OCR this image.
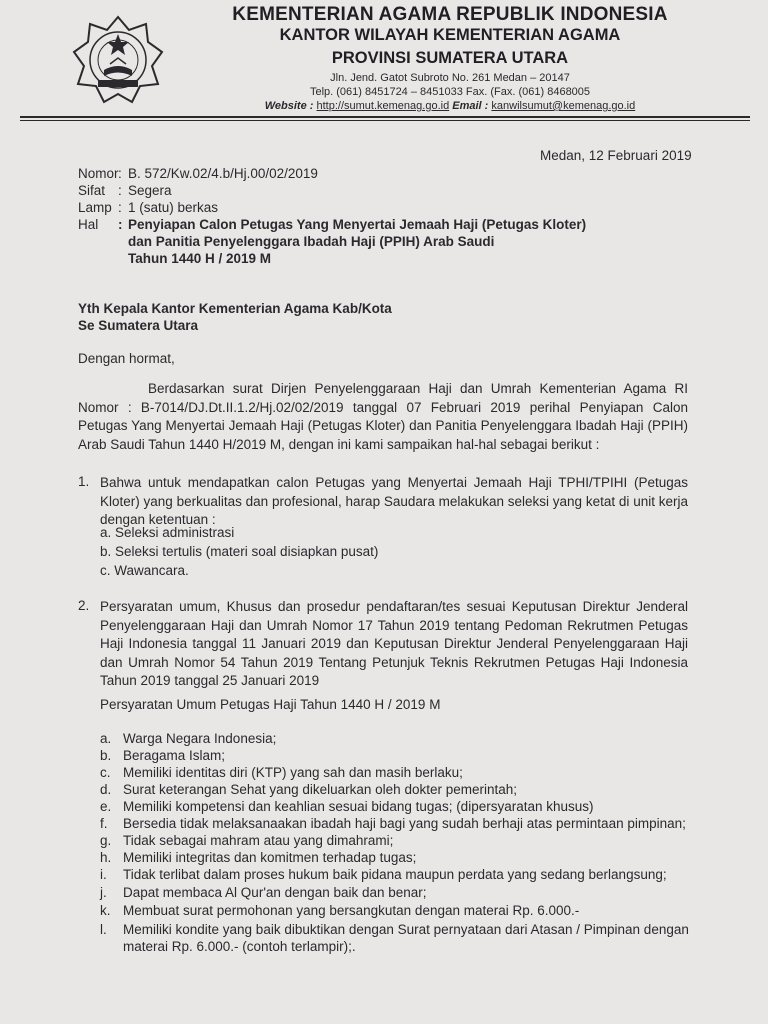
KEMENTERIAN AGAMA REPUBLIK INDONESIA
KANTOR WILAYAH KEMENTERIAN AGAMA
PROVINSI SUMATERA UTARA
Jln. Jend. Gatot Subroto No. 261 Medan – 20147
Telp. (061) 8451724 – 8451033 Fax. (Fax. (061) 8468005
Website : http://sumut.kemenag.go.id Email : kanwilsumut@kemenag.go.id
Medan, 12 Februari 2019
Nomor : B. 572/Kw.02/4.b/Hj.00/02/2019
Sifat : Segera
Lamp : 1 (satu) berkas
Hal : Penyiapan Calon Petugas Yang Menyertai Jemaah Haji (Petugas Kloter)
dan Panitia Penyelenggara Ibadah Haji (PPIH) Arab Saudi
Tahun 1440 H / 2019 M
Yth Kepala Kantor Kementerian Agama Kab/Kota
Se Sumatera Utara
Dengan hormat,
Berdasarkan surat Dirjen Penyelenggaraan Haji dan Umrah Kementerian Agama RI Nomor : B-7014/DJ.Dt.II.1.2/Hj.02/02/2019 tanggal 07 Februari 2019 perihal Penyiapan Calon Petugas Yang Menyertai Jemaah Haji (Petugas Kloter) dan Panitia Penyelenggara Ibadah Haji (PPIH) Arab Saudi Tahun 1440 H/2019 M, dengan ini kami sampaikan hal-hal sebagai berikut :
1. Bahwa untuk mendapatkan calon Petugas yang Menyertai Jemaah Haji TPHI/TPIHI (Petugas Kloter) yang berkualitas dan profesional, harap Saudara melakukan seleksi yang ketat di unit kerja dengan ketentuan :
a. Seleksi administrasi
b. Seleksi tertulis (materi soal disiapkan pusat)
c. Wawancara.
2. Persyaratan umum, Khusus dan prosedur pendaftaran/tes sesuai Keputusan Direktur Jenderal Penyelenggaraan Haji dan Umrah Nomor 17 Tahun 2019 tentang Pedoman Rekrutmen Petugas Haji Indonesia tanggal 11 Januari 2019 dan Keputusan Direktur Jenderal Penyelenggaraan Haji dan Umrah Nomor 54 Tahun 2019 Tentang Petunjuk Teknis Rekrutmen Petugas Haji Indonesia Tahun 2019 tanggal 25 Januari 2019
Persyaratan Umum Petugas Haji Tahun 1440 H / 2019 M
a. Warga Negara Indonesia;
b. Beragama Islam;
c. Memiliki identitas diri (KTP) yang sah dan masih berlaku;
d. Surat keterangan Sehat yang dikeluarkan oleh dokter pemerintah;
e. Memiliki kompetensi dan keahlian sesuai bidang tugas; (dipersyaratan khusus)
f.	Bersedia tidak melaksanaakan ibadah haji bagi yang sudah berhaji atas permintaan pimpinan;
g. Tidak sebagai mahram atau yang dimahrami;
h. Memiliki integritas dan komitmen terhadap tugas;
i.	Tidak terlibat dalam proses hukum baik pidana maupun perdata yang sedang berlangsung;
j.	Dapat membaca Al Qur'an dengan baik dan benar;
k. Membuat surat permohonan yang bersangkutan dengan materai Rp. 6.000.-
l.	Memiliki kondite yang baik dibuktikan dengan Surat pernyataan dari Atasan / Pimpinan dengan materai Rp. 6.000.- (contoh terlampir);.
